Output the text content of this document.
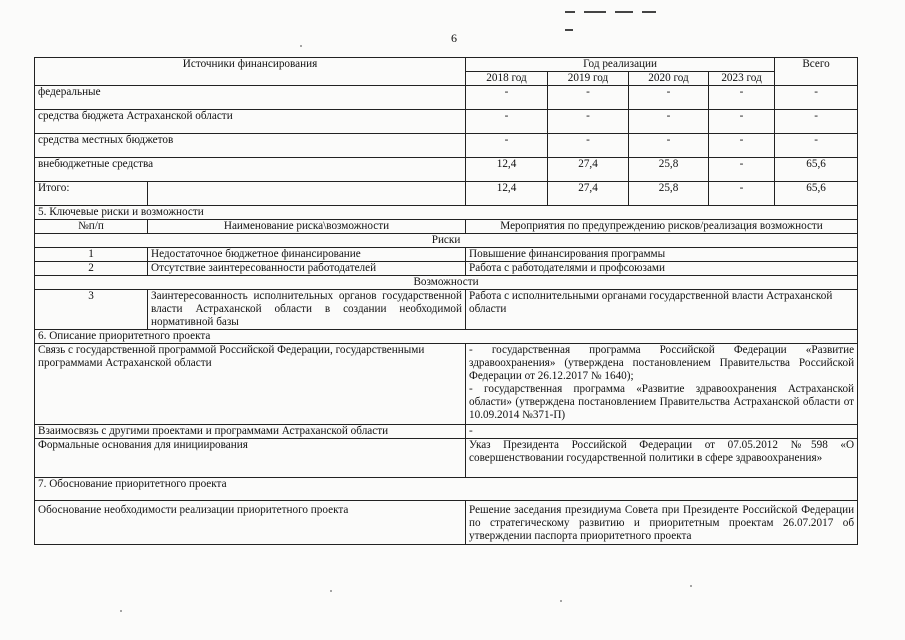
6
Источники финансирования		Год реализации				Всего
		2018 год	2019 год	2020 год	2023 год	
федеральные		-	-	-	-	-
средства бюджета Астраханской области		-	-	-	-	-
средства местных бюджетов		-	-	-	-	-
внебюджетные средства		12,4	27,4	25,8	-	65,6
Итого:		12,4	27,4	25,8	-	65,6
5. Ключевые риски и возможности						
№п/п	Наименование риска\возможности	Мероприятия по предупреждению рисков/реализация возможности				
Риски						
1	Недостаточное бюджетное финансирование	Повышение финансирования программы				
2	Отсутствие заинтересованности работодателей	Работа с работодателями и профсоюзами				
Возможности						
3	Заинтересованность исполнительных органов государственной власти Астраханской области в создании необходимой нормативной базы	Работа с исполнительными органами государственной власти Астраханской области				
6. Описание приоритетного проекта						
Связь с государственной программой Российской Федерации, государственными программами Астраханской области		- государственная программа Российской Федерации «Развитие здравоохранения» (утверждена постановлением Правительства Российской Федерации от 26.12.2017 № 1640);
- государственная программа «Развитие здравоохранения Астраханской области» (утверждена постановлением Правительства Астраханской области от 10.09.2014 №371-П)				
Взаимосвязь с другими проектами и программами Астраханской области		-				
Формальные основания для инициирования		Указ Президента Российской Федерации от 07.05.2012 №598 «О совершенствовании государственной политики в сфере здравоохранения»				
7. Обоснование приоритетного проекта						
Обоснование необходимости реализации приоритетного проекта		Решение заседания президиума Совета при Президенте Российской Федерации по стратегическому развитию и приоритетным проектам 26.07.2017 об утверждении паспорта приоритетного проекта				
